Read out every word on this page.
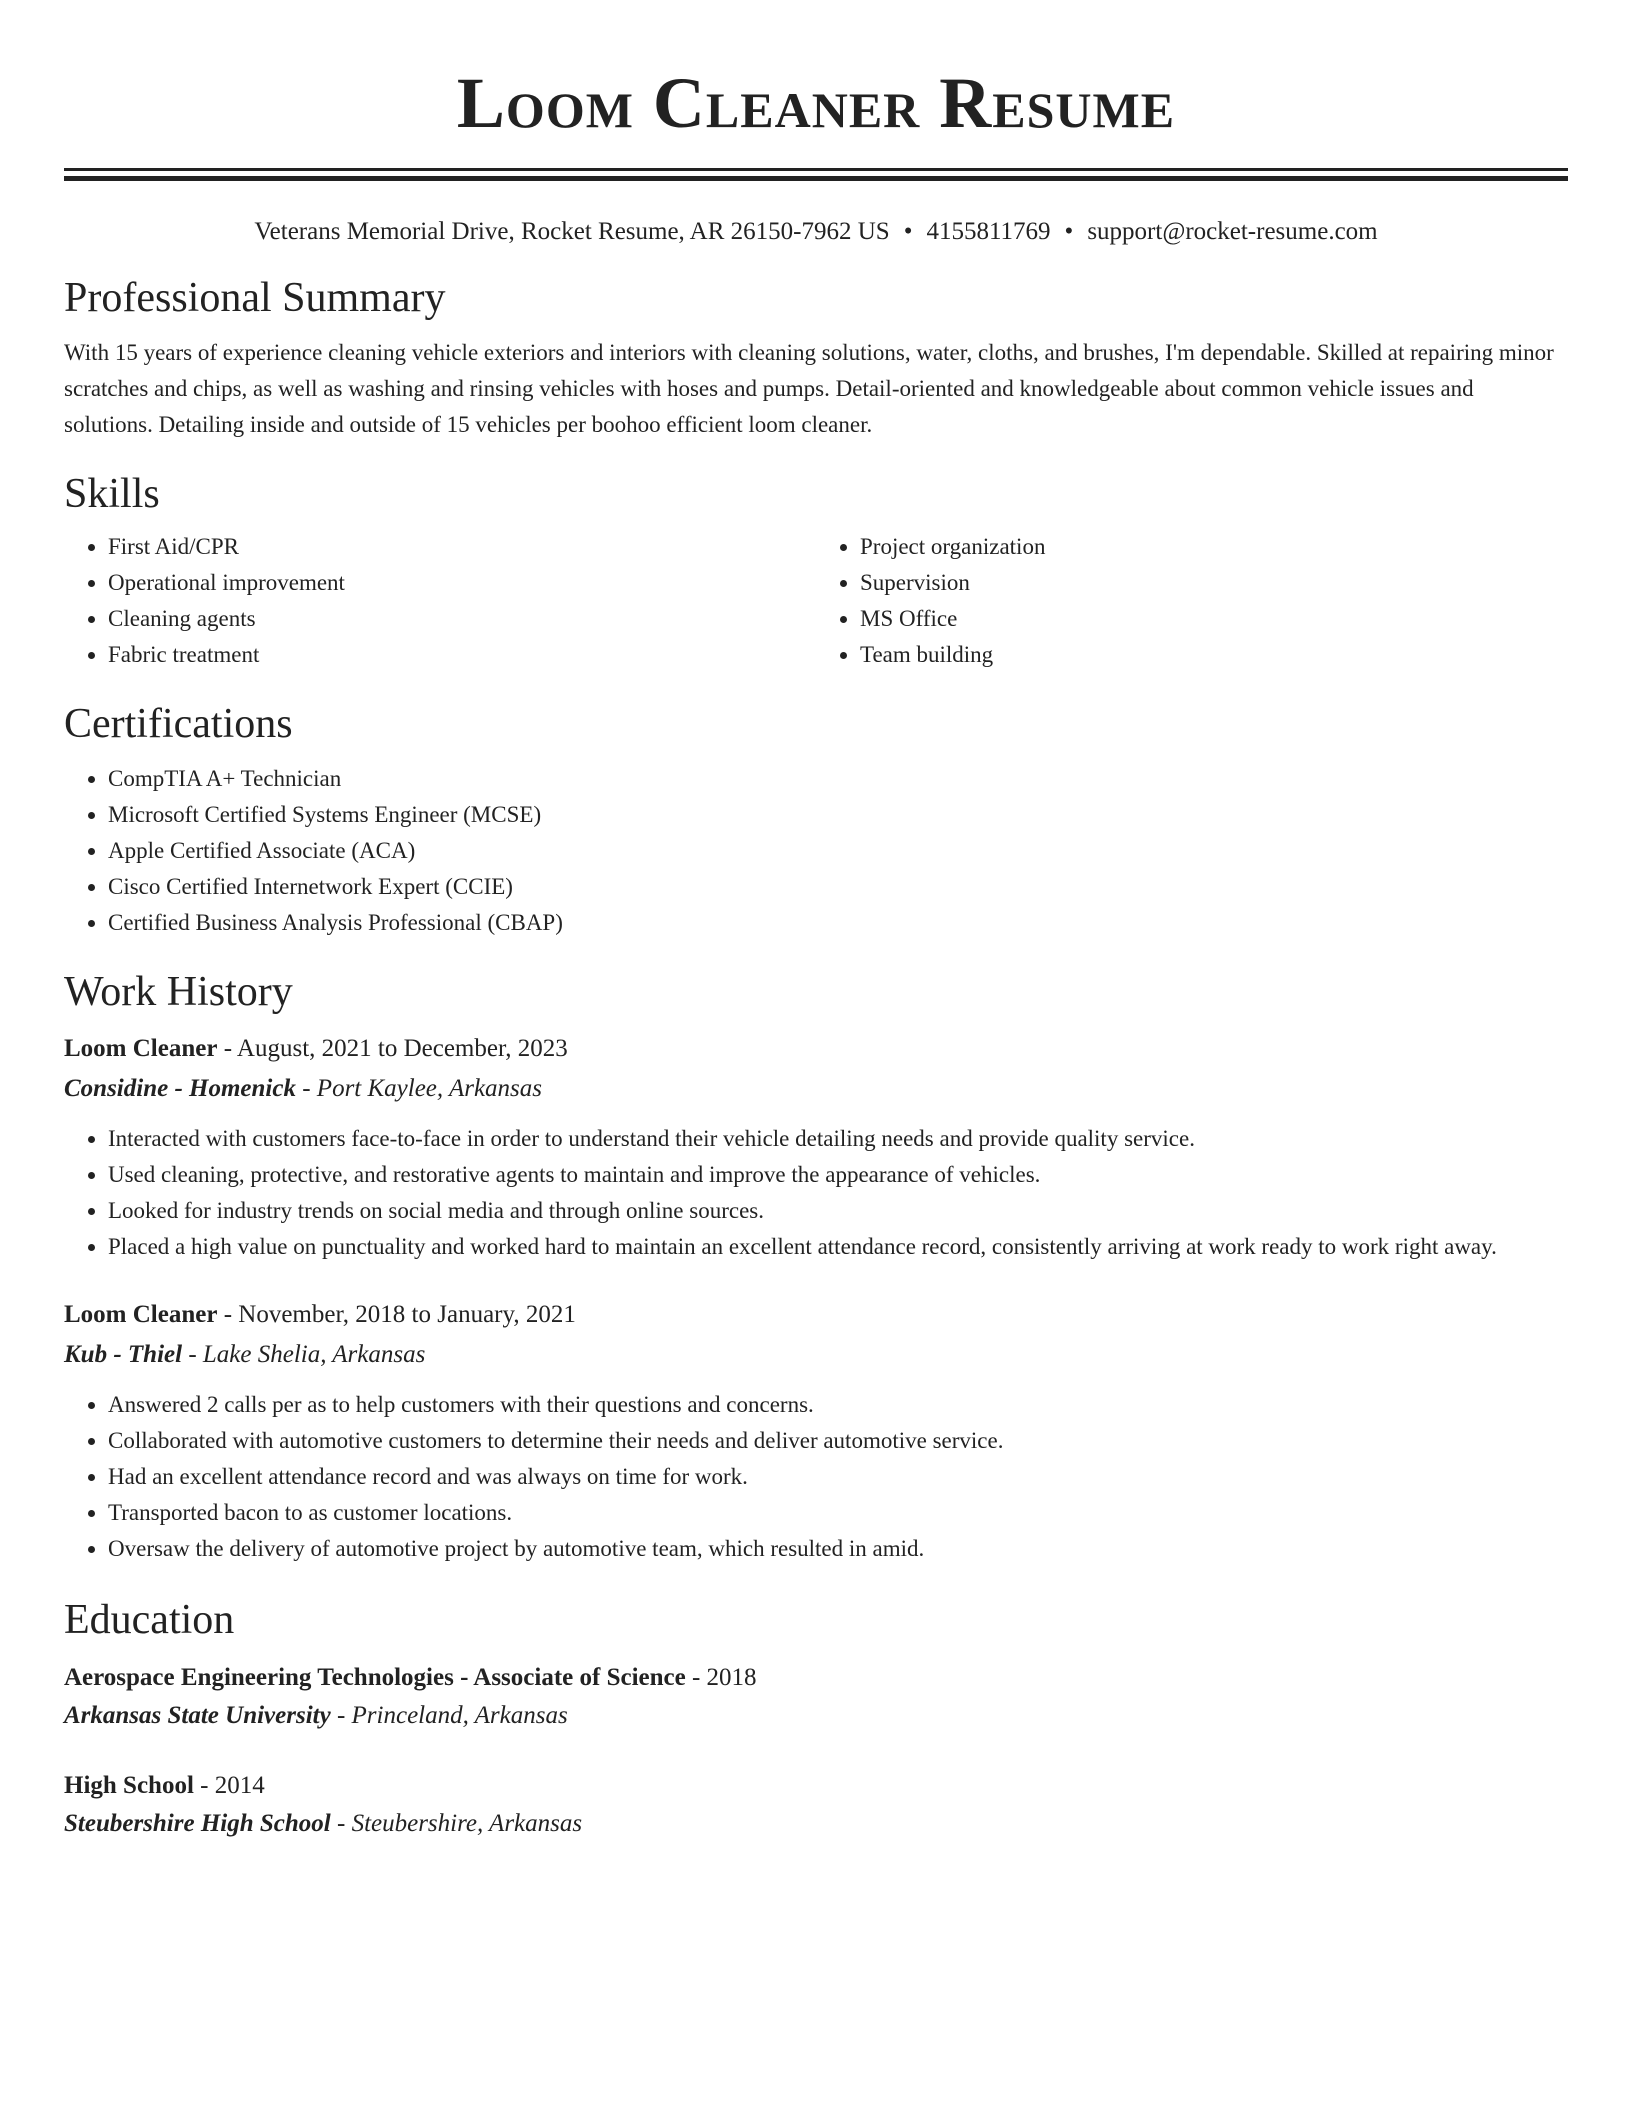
Loom Cleaner Resume
Veterans Memorial Drive, Rocket Resume, AR 26150-7962 US • 4155811769 • support@rocket-resume.com
Professional Summary

With 15 years of experience cleaning vehicle exteriors and interiors with cleaning solutions, water, cloths, and brushes, I'm dependable. Skilled at repairing minor scratches and chips, as well as washing and rinsing vehicles with hoses and pumps. Detail-oriented and knowledgeable about common vehicle issues and solutions. Detailing inside and outside of 15 vehicles per boohoo efficient loom cleaner.

Skills
• First Aid/CPR
• Operational improvement
• Cleaning agents
• Fabric treatment
• Project organization
• Supervision
• MS Office
• Team building
Certifications
• CompTIA A+ Technician
• Microsoft Certified Systems Engineer (MCSE)
• Apple Certified Associate (ACA)
• Cisco Certified Internetwork Expert (CCIE)
• Certified Business Analysis Professional (CBAP)
Work History
Loom Cleaner - August, 2021 to December, 2023
Considine - Homenick - Port Kaylee, Arkansas
• Interacted with customers face-to-face in order to understand their vehicle detailing needs and provide quality service.
• Used cleaning, protective, and restorative agents to maintain and improve the appearance of vehicles.
• Looked for industry trends on social media and through online sources.
• Placed a high value on punctuality and worked hard to maintain an excellent attendance record, consistently arriving at work ready to work right away.
Loom Cleaner - November, 2018 to January, 2021
Kub - Thiel - Lake Shelia, Arkansas
• Answered 2 calls per as to help customers with their questions and concerns.
• Collaborated with automotive customers to determine their needs and deliver automotive service.
• Had an excellent attendance record and was always on time for work.
• Transported bacon to as customer locations.
• Oversaw the delivery of automotive project by automotive team, which resulted in amid.
Education
Aerospace Engineering Technologies - Associate of Science - 2018
Arkansas State University - Princeland, Arkansas
High School - 2014
Steubershire High School - Steubershire, Arkansas
